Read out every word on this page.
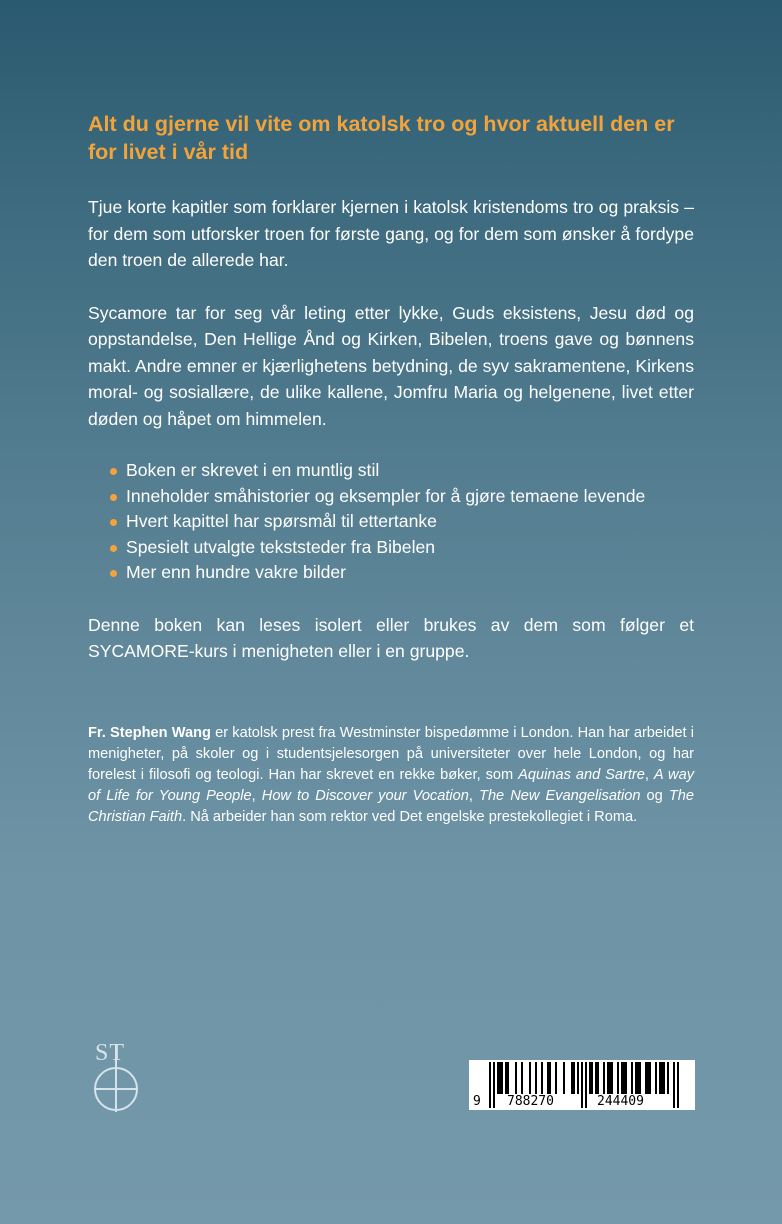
Alt du gjerne vil vite om katolsk tro og hvor aktuell den er for livet i vår tid

Tjue korte kapitler som forklarer kjernen i katolsk kristendoms tro og praksis – for dem som utforsker troen for første gang, og for dem som ønsker å fordype den troen de allerede har.

Sycamore tar for seg vår leting etter lykke, Guds eksistens, Jesu død og oppstandelse, Den Hellige Ånd og Kirken, Bibelen, troens gave og bønnens makt. Andre emner er kjærlighetens betydning, de syv sakramentene, Kirkens moral- og sosiallære, de ulike kallene, Jomfru Maria og helgenene, livet etter døden og håpet om himmelen.

Boken er skrevet i en muntlig stil
Inneholder småhistorier og eksempler for å gjøre temaene levende
Hvert kapittel har spørsmål til ettertanke
Spesielt utvalgte tekststeder fra Bibelen
Mer enn hundre vakre bilder

Denne boken kan leses isolert eller brukes av dem som følger et SYCAMORE-kurs i menigheten eller i en gruppe.

Fr. Stephen Wang er katolsk prest fra Westminster bispedømme i London. Han har arbeidet i menigheter, på skoler og i studentsjelesorgen på universiteter over hele London, og har forelest i filosofi og teologi. Han har skrevet en rekke bøker, som Aquinas and Sartre, A way of Life for Young People, How to Discover your Vocation, The New Evangelisation og The Christian Faith. Nå arbeider han som rektor ved Det engelske prestekollegiet i Roma.

ST
9 788270	244409
